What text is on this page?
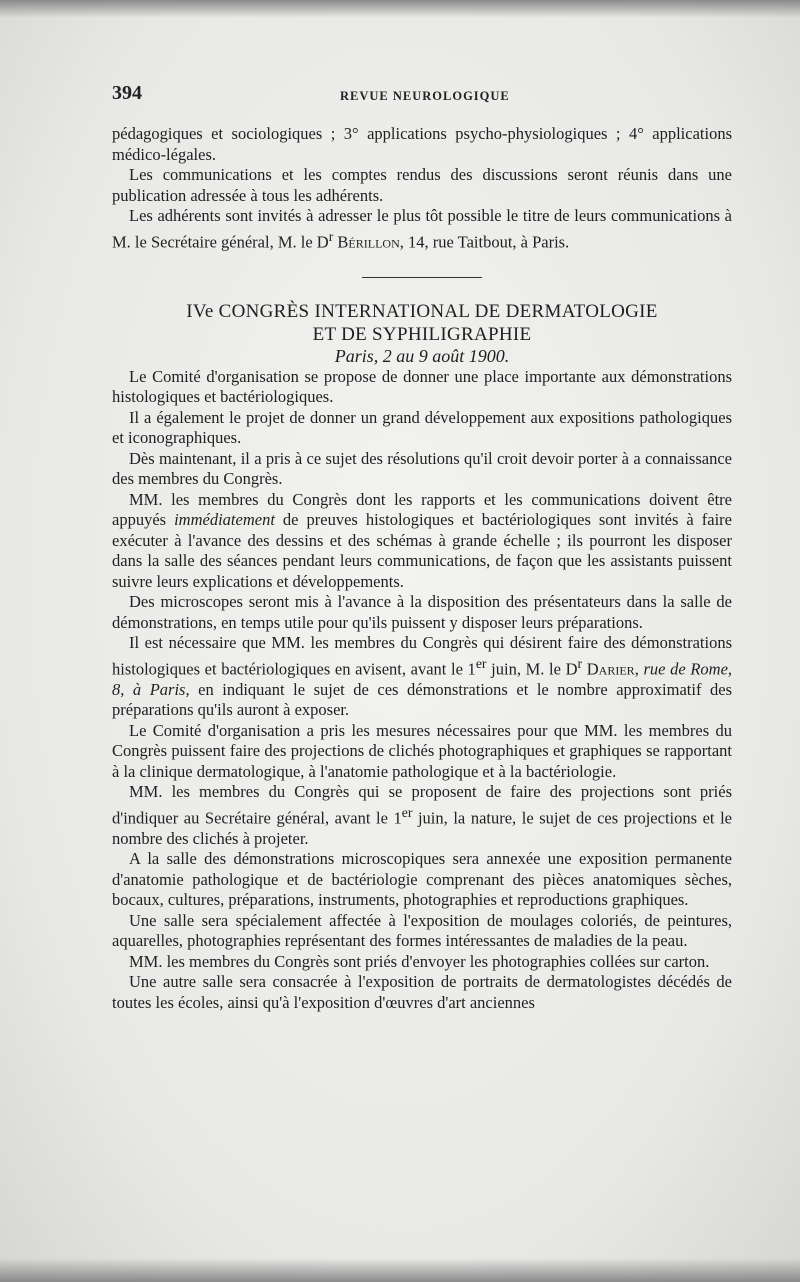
394	REVUE NEUROLOGIQUE

pédagogiques et sociologiques ; 3° applications psycho-physiologiques ; 4° applications médico-légales.

Les communications et les comptes rendus des discussions seront réunis dans une publication adressée à tous les adhérents.

Les adhérents sont invités à adresser le plus tôt possible le titre de leurs communications à M. le Secrétaire général, M. le $D^r$ Bérillon, 14, rue Taitbout, à Paris.

IVe CONGRÈS INTERNATIONAL DE DERMATOLOGIE

ET DE SYPHILIGRAPHIE

Paris, 2 au 9 août 1900.

Le Comité d'organisation se propose de donner une place importante aux démonstrations histologiques et bactériologiques.

Il a également le projet de donner un grand développement aux expositions pathologiques et iconographiques.

Dès maintenant, il a pris à ce sujet des résolutions qu'il croit devoir porter à a connaissance des membres du Congrès.

MM. les membres du Congrès dont les rapports et les communications doivent être appuyés immédiatement de preuves histologiques et bactériologiques sont invités à faire exécuter à l'avance des dessins et des schémas à grande échelle ; ils pourront les disposer dans la salle des séances pendant leurs communications, de façon que les assistants puissent suivre leurs explications et développements.

Des microscopes seront mis à l'avance à la disposition des présentateurs dans la salle de démonstrations, en temps utile pour qu'ils puissent y disposer leurs préparations.

Il est nécessaire que MM. les membres du Congrès qui désirent faire des démonstrations histologiques et bactériologiques en avisent, avant le 1er juin, M. le $D^r$ Darier, rue de Rome, 8, à Paris, en indiquant le sujet de ces démonstrations et le nombre approximatif des préparations qu'ils auront à exposer.

Le Comité d'organisation a pris les mesures nécessaires pour que MM. les membres du Congrès puissent faire des projections de clichés photographiques et graphiques se rapportant à la clinique dermatologique, à l'anatomie pathologique et à la bactériologie.

MM. les membres du Congrès qui se proposent de faire des projections sont priés d'indiquer au Secrétaire général, avant le 1er juin, la nature, le sujet de ces projections et le nombre des clichés à projeter.

A la salle des démonstrations microscopiques sera annexée une exposition permanente d'anatomie pathologique et de bactériologie comprenant des pièces anatomiques sèches, bocaux, cultures, préparations, instruments, photographies et reproductions graphiques.

Une salle sera spécialement affectée à l'exposition de moulages coloriés, de peintures, aquarelles, photographies représentant des formes intéressantes de maladies de la peau.

MM. les membres du Congrès sont priés d'envoyer les photographies collées sur carton.

Une autre salle sera consacrée à l'exposition de portraits de dermatologistes décédés de toutes les écoles, ainsi qu'à l'exposition d'œuvres d'art anciennes
